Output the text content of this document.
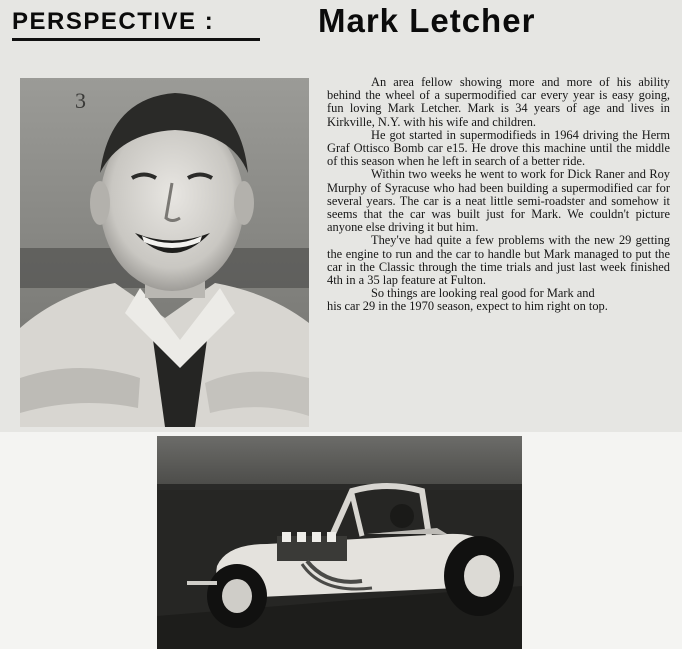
PERSPECTIVE :	Mark Letcher
3

An area fellow showing more and more of his ability behind the wheel of a supermodified car every year is easy going, fun loving Mark Letcher. Mark is 34 years of age and lives in Kirkville, N.Y. with his wife and children.

He got started in supermodifieds in 1964 driving the Herm Graf Ottisco Bomb car e15. He drove this machine until the middle of this season when he left in search of a better ride.

Within two weeks he went to work for Dick Raner and Roy Murphy of Syracuse who had been building a supermodified car for several years. The car is a neat little semi-roadster and somehow it seems that the car was built just for Mark. We couldn't picture anyone else driving it but him.

They've had quite a few problems with the new 29 getting the engine to run and the car to handle but Mark managed to put the car in the Classic through the time trials and just last week finished 4th in a 35 lap feature at Fulton.

So things are looking real good for Mark and his car 29 in the 1970 season, expect to him right on top.
